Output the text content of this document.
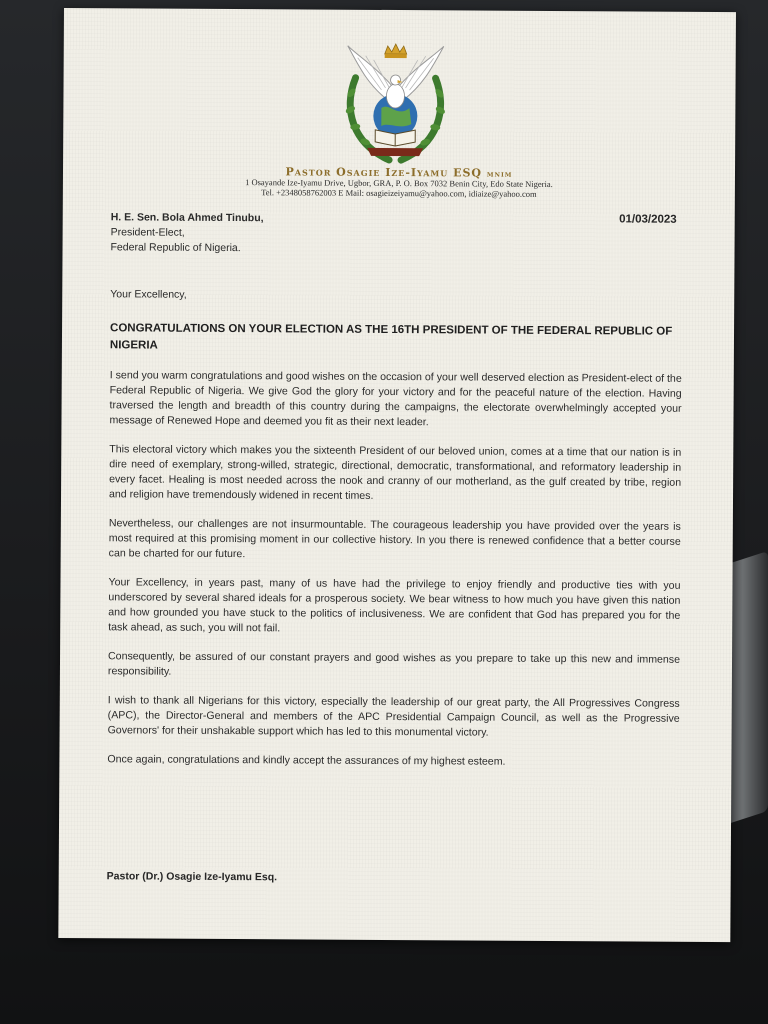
Pastor Osagie Ize-Iyamu ESQ mnim
1 Osayande Ize-Iyamu Drive, Ugbor, GRA, P. O. Box 7032 Benin City, Edo State Nigeria.
Tel. +2348058762003 E Mail: osagieizeiyamu@yahoo.com, idiaize@yahoo.com
01/03/2023
H. E. Sen. Bola Ahmed Tinubu,
President-Elect,
Federal Republic of Nigeria.
Your Excellency,
CONGRATULATIONS ON YOUR ELECTION AS THE 16TH PRESIDENT OF THE FEDERAL REPUBLIC OF NIGERIA

I send you warm congratulations and good wishes on the occasion of your well deserved election as President-elect of the Federal Republic of Nigeria. We give God the glory for your victory and for the peaceful nature of the election. Having traversed the length and breadth of this country during the campaigns, the electorate overwhelmingly accepted your message of Renewed Hope and deemed you fit as their next leader.

This electoral victory which makes you the sixteenth President of our beloved union, comes at a time that our nation is in dire need of exemplary, strong-willed, strategic, directional, democratic, transformational, and reformatory leadership in every facet. Healing is most needed across the nook and cranny of our motherland, as the gulf created by tribe, region and religion have tremendously widened in recent times.

Nevertheless, our challenges are not insurmountable. The courageous leadership you have provided over the years is most required at this promising moment in our collective history. In you there is renewed confidence that a better course can be charted for our future.

Your Excellency, in years past, many of us have had the privilege to enjoy friendly and productive ties with you underscored by several shared ideals for a prosperous society. We bear witness to how much you have given this nation and how grounded you have stuck to the politics of inclusiveness. We are confident that God has prepared you for the task ahead, as such, you will not fail.

Consequently, be assured of our constant prayers and good wishes as you prepare to take up this new and immense responsibility.

I wish to thank all Nigerians for this victory, especially the leadership of our great party, the All Progressives Congress (APC), the Director-General and members of the APC Presidential Campaign Council, as well as the Progressive Governors' for their unshakable support which has led to this monumental victory.

Once again, congratulations and kindly accept the assurances of my highest esteem.

Pastor (Dr.) Osagie Ize-Iyamu Esq.
